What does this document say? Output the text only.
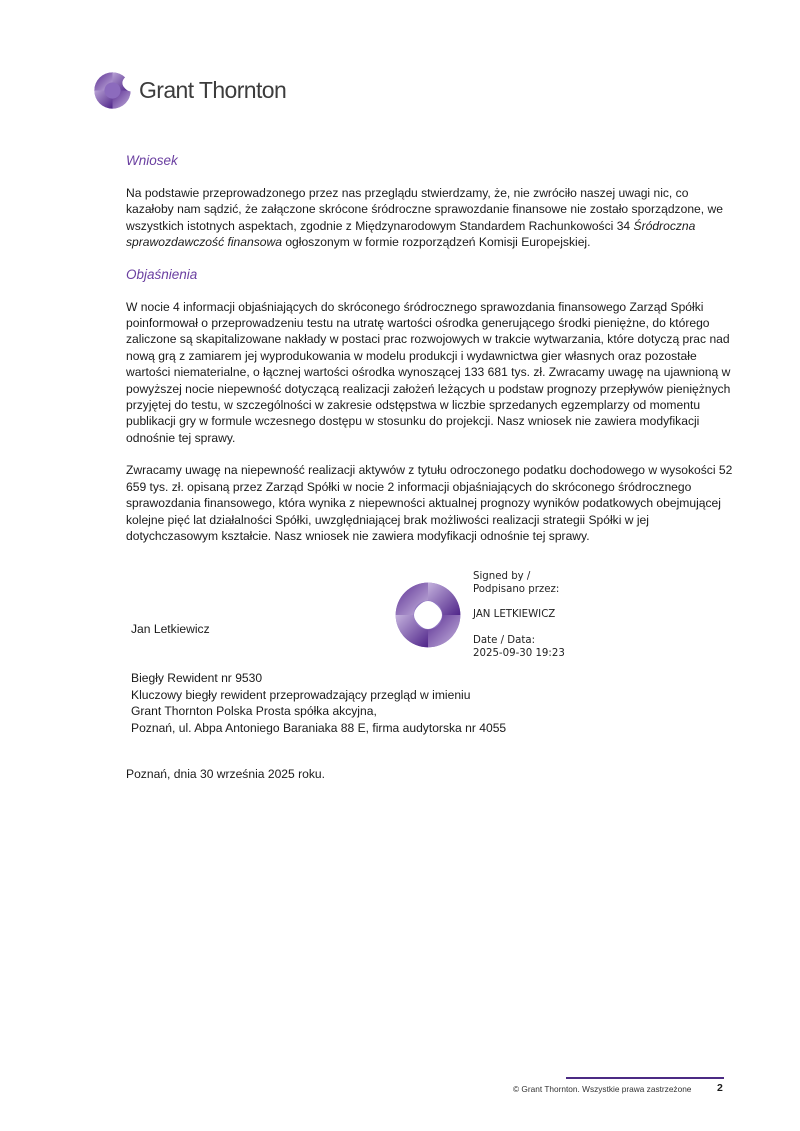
Grant Thornton
Wniosek

Na podstawie przeprowadzonego przez nas przeglądu stwierdzamy, że, nie zwróciło naszej uwagi nic, co kazałoby nam sądzić, że załączone skrócone śródroczne sprawozdanie finansowe nie zostało sporządzone, we wszystkich istotnych aspektach, zgodnie z Międzynarodowym Standardem Rachunkowości 34 Śródroczna sprawozdawczość finansowa ogłoszonym w formie rozporządzeń Komisji Europejskiej.

Objaśnienia

W nocie 4 informacji objaśniających do skróconego śródrocznego sprawozdania finansowego Zarząd Spółki poinformował o przeprowadzeniu testu na utratę wartości ośrodka generującego środki pieniężne, do którego zaliczone są skapitalizowane nakłady w postaci prac rozwojowych w trakcie wytwarzania, które dotyczą prac nad nową grą z zamiarem jej wyprodukowania w modelu produkcji i wydawnictwa gier własnych oraz pozostałe wartości niematerialne, o łącznej wartości ośrodka wynoszącej 133 681 tys. zł. Zwracamy uwagę na ujawnioną w powyższej nocie niepewność dotyczącą realizacji założeń leżących u podstaw prognozy przepływów pieniężnych przyjętej do testu, w szczególności w zakresie odstępstwa w liczbie sprzedanych egzemplarzy od momentu publikacji gry w formule wczesnego dostępu w stosunku do projekcji. Nasz wniosek nie zawiera modyfikacji odnośnie tej sprawy.

Zwracamy uwagę na niepewność realizacji aktywów z tytułu odroczonego podatku dochodowego w wysokości 52 659 tys. zł. opisaną przez Zarząd Spółki w nocie 2 informacji objaśniających do skróconego śródrocznego sprawozdania finansowego, która wynika z niepewności aktualnej prognozy wyników podatkowych obejmującej kolejne pięć lat działalności Spółki, uwzględniającej brak możliwości realizacji strategii Spółki w jej dotychczasowym kształcie. Nasz wniosek nie zawiera modyfikacji odnośnie tej sprawy.

Jan Letkiewicz
Signed by /
Podpisano przez:
JAN LETKIEWICZ
Date / Data:
2025-09-30 19:23
Biegły Rewident nr 9530
Kluczowy biegły rewident przeprowadzający przegląd w imieniu
Grant Thornton Polska Prosta spółka akcyjna,
Poznań, ul. Abpa Antoniego Baraniaka 88 E, firma audytorska nr 4055
Poznań, dnia 30 września 2025 roku.
© Grant Thornton. Wszystkie prawa zastrzeżone 2
